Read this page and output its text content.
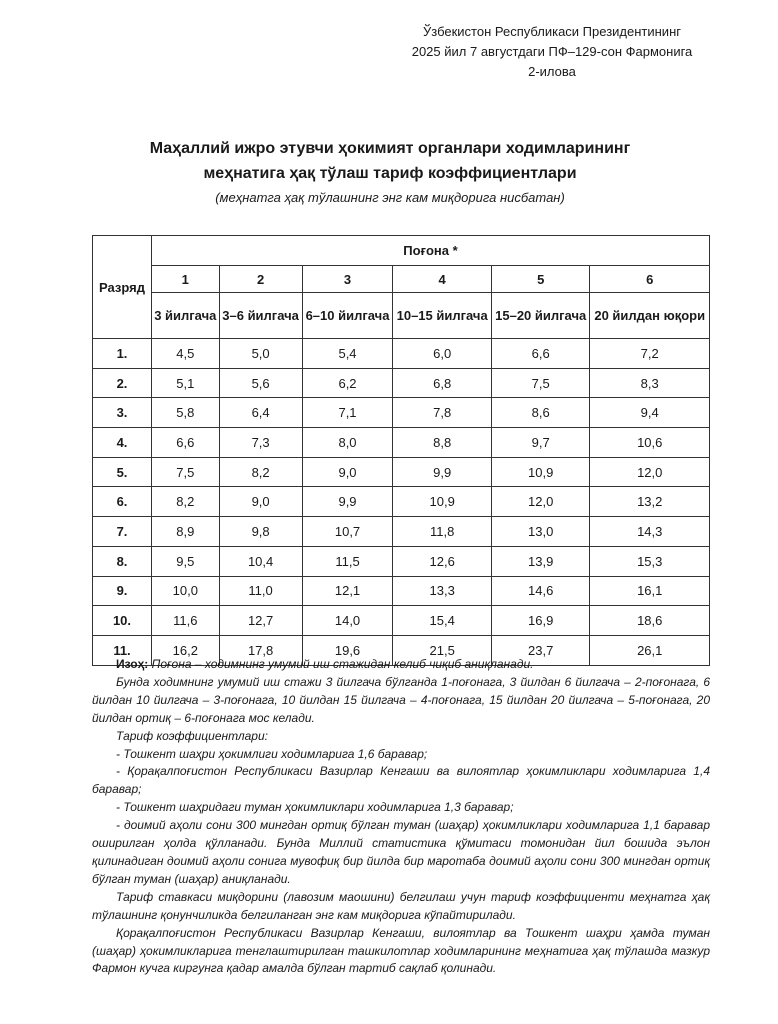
Ўзбекистон Республикаси Президентининг
2025 йил 7 августдаги ПФ–129-сон Фармонига
2-илова
Маҳаллий ижро этувчи ҳокимият органлари ходимларининг
меҳнатига ҳақ тўлаш тариф коэффициентлари
(меҳнатга ҳақ тўлашнинг энг кам миқдорига нисбатан)
Разряд	Поғона *					
	1	2	3	4	5	6
	3 йилгача	3–6 йилгача	6–10 йилгача	10–15 йилгача	15–20 йилгача	20 йилдан юқори
1.	4,5	5,0	5,4	6,0	6,6	7,2
2.	5,1	5,6	6,2	6,8	7,5	8,3
3.	5,8	6,4	7,1	7,8	8,6	9,4
4.	6,6	7,3	8,0	8,8	9,7	10,6
5.	7,5	8,2	9,0	9,9	10,9	12,0
6.	8,2	9,0	9,9	10,9	12,0	13,2
7.	8,9	9,8	10,7	11,8	13,0	14,3
8.	9,5	10,4	11,5	12,6	13,9	15,3
9.	10,0	11,0	12,1	13,3	14,6	16,1
10.	11,6	12,7	14,0	15,4	16,9	18,6
11.	16,2	17,8	19,6	21,5	23,7	26,1

Изоҳ: Поғона – ходимнинг умумий иш стажидан келиб чиқиб аниқланади.

Бунда ходимнинг умумий иш стажи 3 йилгача бўлганда 1-поғонага, 3 йилдан 6 йилгача – 2-поғонага, 6 йилдан 10 йилгача – 3-поғонага, 10 йилдан 15 йилгача – 4-поғонага, 15 йилдан 20 йилгача – 5-поғонага, 20 йилдан ортиқ – 6-поғонага мос келади.

Тариф коэффициентлари:

- Тошкент шаҳри ҳокимлиги ходимларига 1,6 баравар;

- Қорақалпоғистон Республикаси Вазирлар Кенгаши ва вилоятлар ҳокимликлари ходимларига 1,4 баравар;

- Тошкент шаҳридаги туман ҳокимликлари ходимларига 1,3 баравар;

- доимий аҳоли сони 300 мингдан ортиқ бўлган туман (шаҳар) ҳокимликлари ходимларига 1,1 баравар оширилган ҳолда қўлланади. Бунда Миллий статистика қўмитаси томонидан йил бошида эълон қилинадиган доимий аҳоли сонига мувофиқ бир йилда бир маротаба доимий аҳоли сони 300 мингдан ортиқ бўлган туман (шаҳар) аниқланади.

Тариф ставкаси миқдорини (лавозим маошини) белгилаш учун тариф коэффициенти меҳнатга ҳақ тўлашнинг қонунчиликда белгиланган энг кам миқдорига кўпайтирилади.

Қорақалпоғистон Республикаси Вазирлар Кенгаши, вилоятлар ва Тошкент шаҳри ҳамда туман (шаҳар) ҳокимликларига тенглаштирилган ташкилотлар ходимларининг меҳнатига ҳақ тўлашда мазкур Фармон кучга киргунга қадар амалда бўлган тартиб сақлаб қолинади.
